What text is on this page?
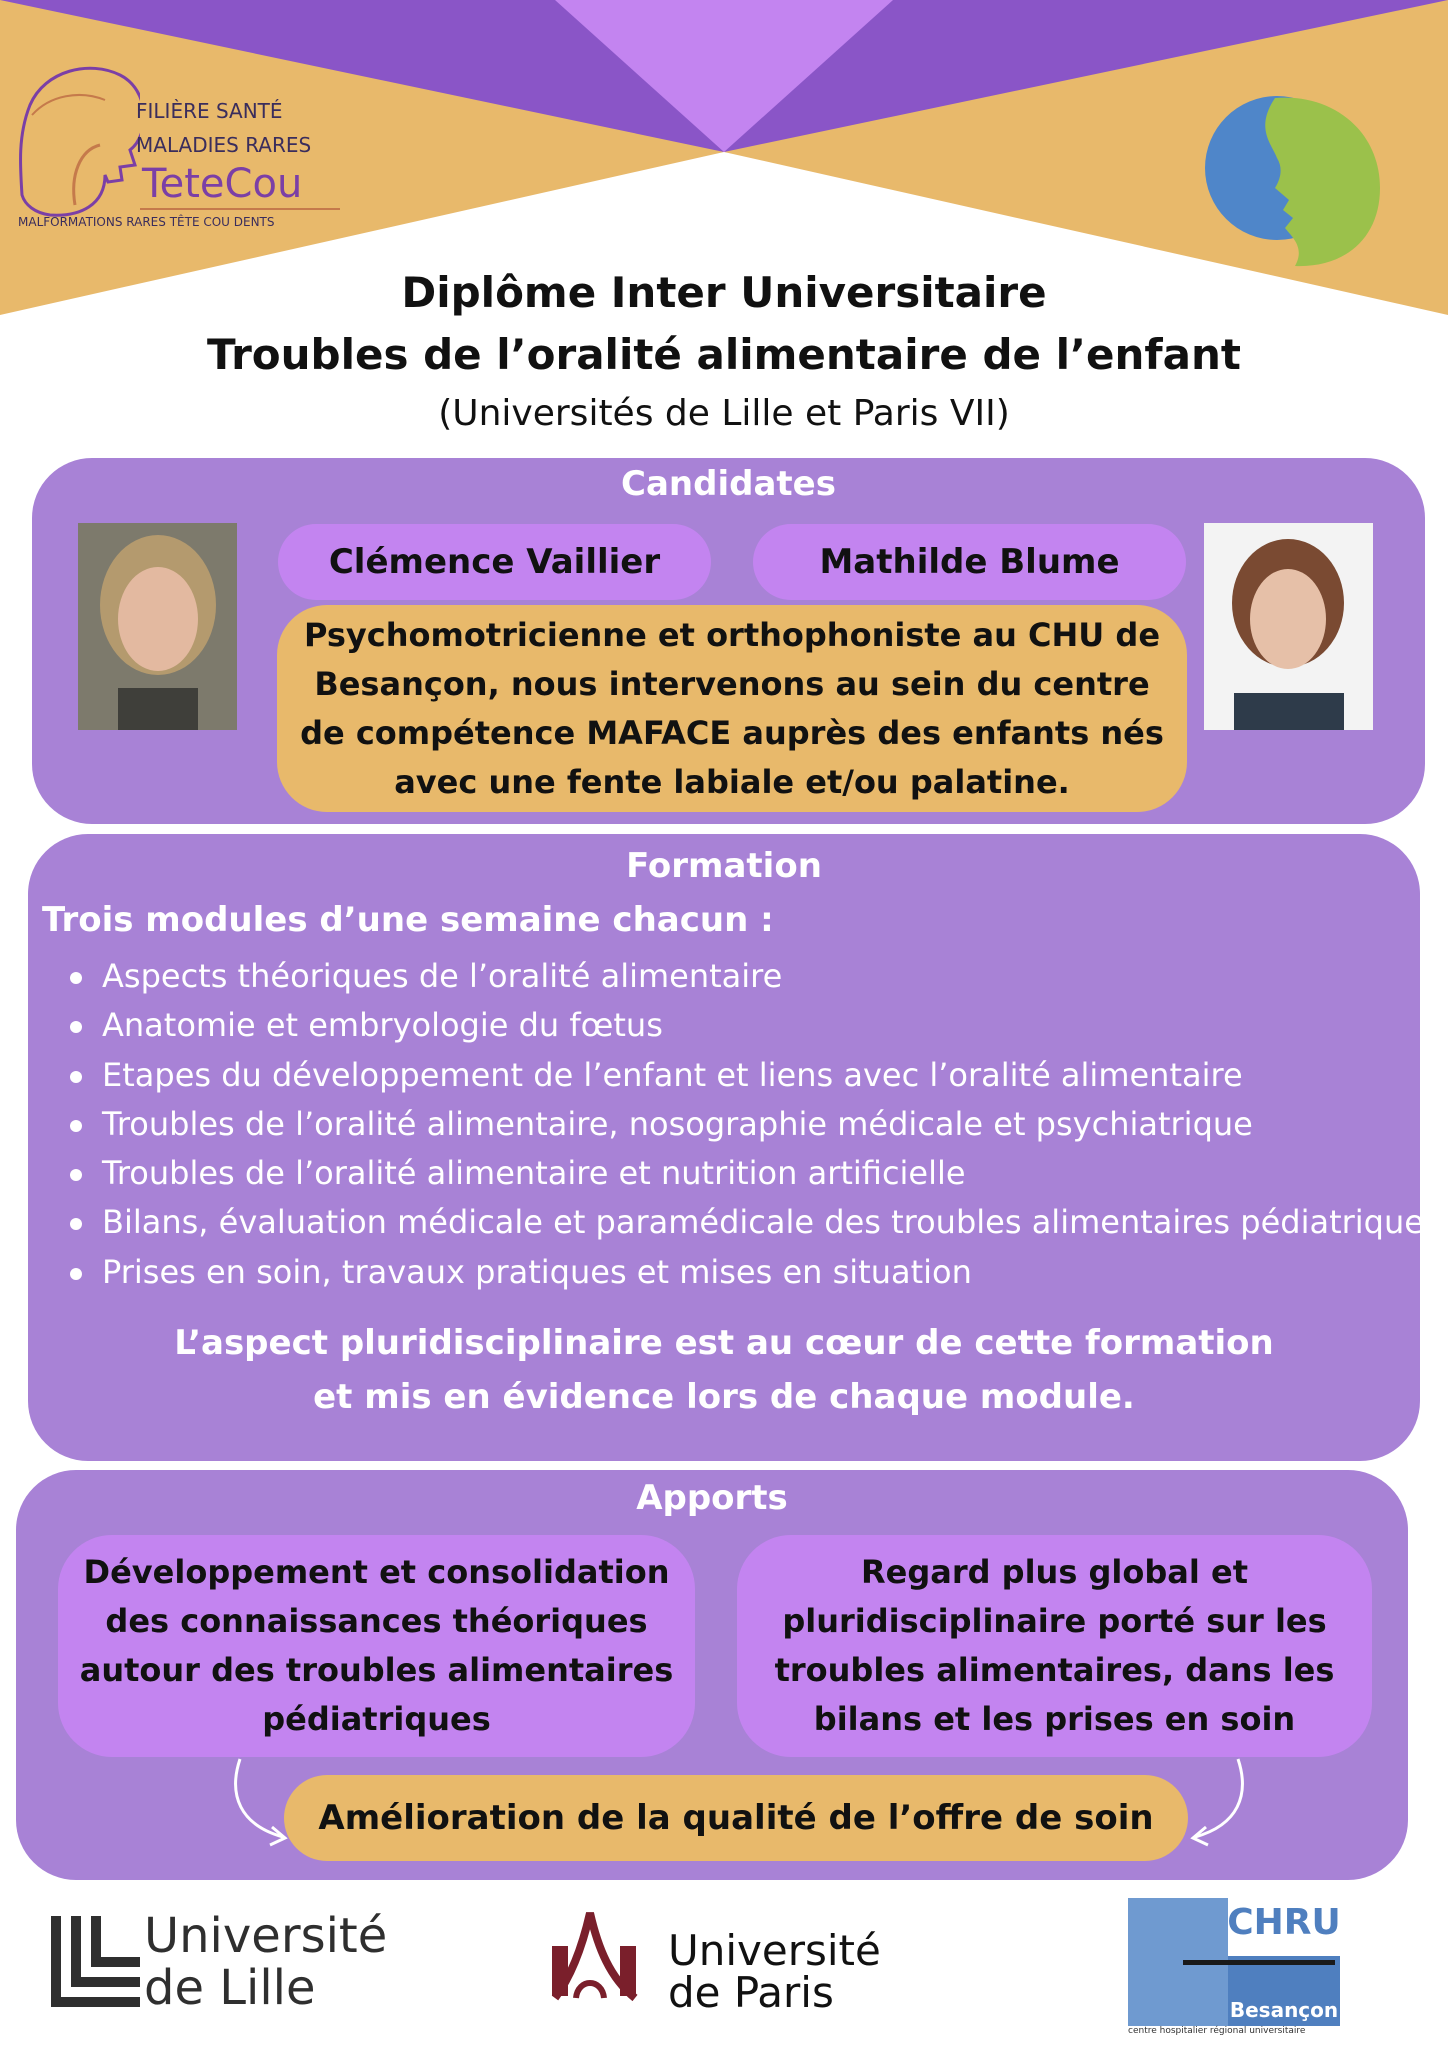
FILIÈRE SANTÉ
MALADIES RARES
TeteCou
MALFORMATIONS RARES TÊTE COU DENTS
Diplôme Inter Universitaire
Troubles de l’oralité alimentaire de l’enfant
(Universités de Lille et Paris VII)
Candidates
Clémence Vaillier	Mathilde Blume
Psychomotricienne et orthophoniste au CHU de Besançon, nous intervenons au sein du centre de compétence MAFACE auprès des enfants nés avec une fente labiale et/ou palatine.
Formation
Trois modules d’une semaine chacun :
Aspects théoriques de l’oralité alimentaire
Anatomie et embryologie du fœtus
Etapes du développement de l’enfant et liens avec l’oralité alimentaire
Troubles de l’oralité alimentaire, nosographie médicale et psychiatrique
Troubles de l’oralité alimentaire et nutrition artificielle
Bilans, évaluation médicale et paramédicale des troubles alimentaires pédiatriques
Prises en soin, travaux pratiques et mises en situation
L’aspect pluridisciplinaire est au cœur de cette formation
et mis en évidence lors de chaque module.
Apports
Développement et consolidation des connaissances théoriques autour des troubles alimentaires pédiatriques
Regard plus global et pluridisciplinaire porté sur les troubles alimentaires, dans les bilans et les prises en soin
Amélioration de la qualité de l’offre de soin
Université
de Lille
Université
de Paris
CHRU
Besançon
centre hospitalier régional universitaire
